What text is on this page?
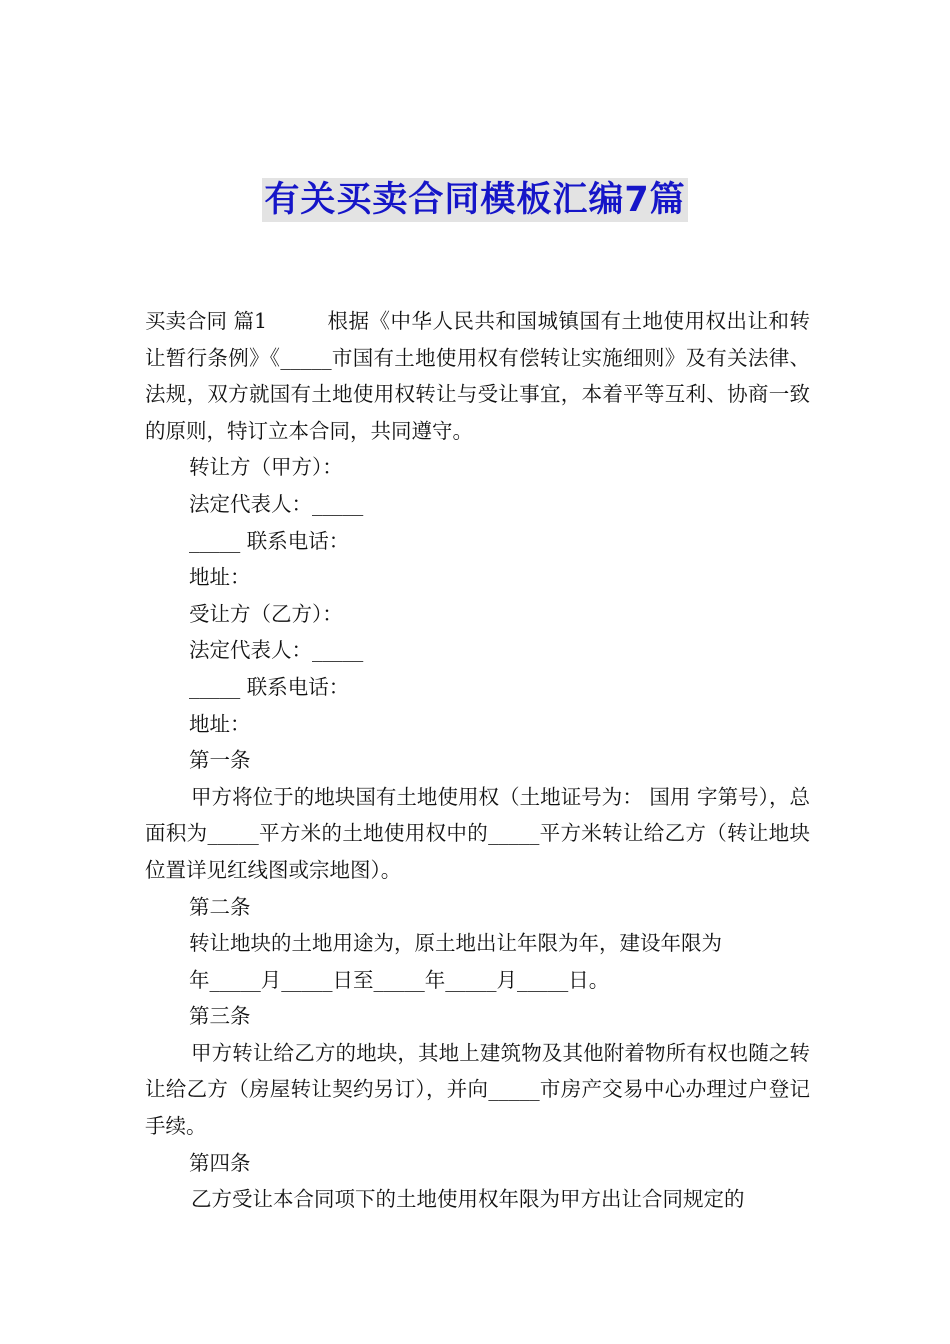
有关买卖合同模板汇编7篇

买卖合同 篇1	根据《中华人民共和国城镇国有土地使用权出让和转让暂行条例》《_____市国有土地使用权有偿转让实施细则》及有关法律、法规，双方就国有土地使用权转让与受让事宜，本着平等互利、协商一致的原则，特订立本合同，共同遵守。

转让方（甲方）：

法定代表人：_____

_____ 联系电话：

地址：

受让方（乙方）：

法定代表人：_____

_____ 联系电话：

地址：

第一条

甲方将位于的地块国有土地使用权（土地证号为： 国用 字第号），总面积为_____平方米的土地使用权中的_____平方米转让给乙方（转让地块位置详见红线图或宗地图）。

第二条

转让地块的土地用途为，原土地出让年限为年，建设年限为

年_____月_____日至_____年_____月_____日。

第三条

甲方转让给乙方的地块，其地上建筑物及其他附着物所有权也随之转让给乙方（房屋转让契约另订），并向_____市房产交易中心办理过户登记手续。

第四条

乙方受让本合同项下的土地使用权年限为甲方出让合同规定的
